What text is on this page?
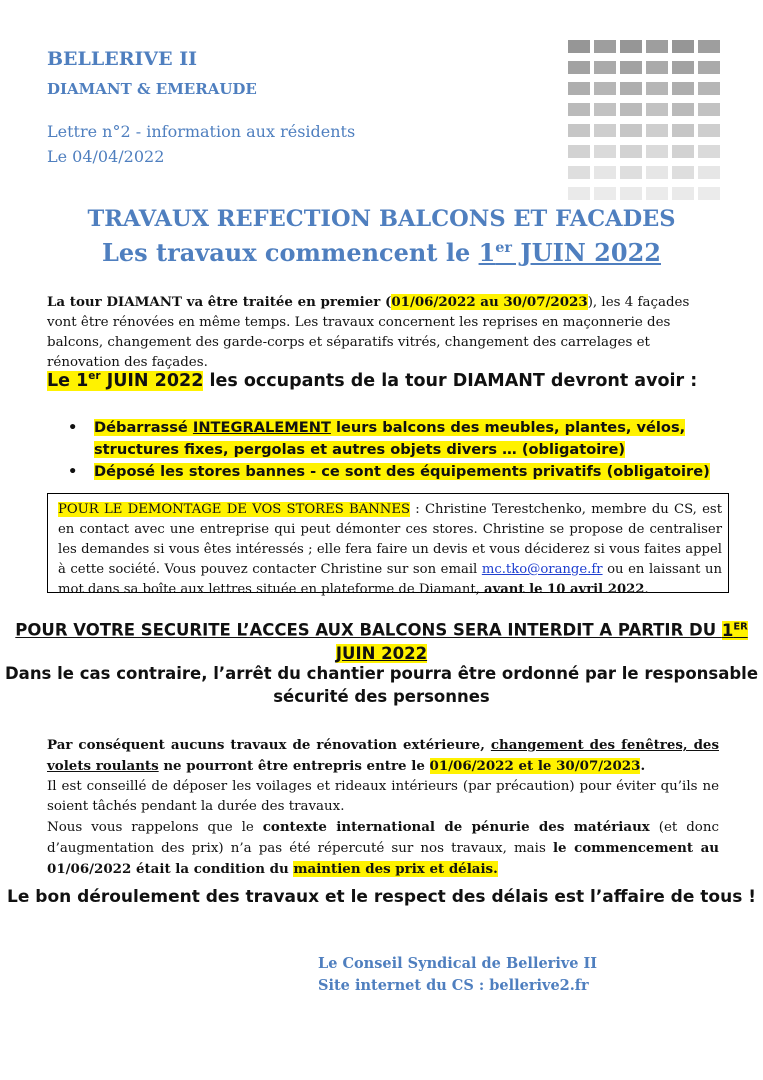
BELLERIVE II
DIAMANT & EMERAUDE
Lettre n°2 - information aux résidents
Le 04/04/2022
TRAVAUX REFECTION BALCONS ET FACADES
Les travaux commencent le 1er JUIN 2022
La tour DIAMANT va être traitée en premier (01/06/2022 au 30/07/2023), les 4 façades vont être rénovées en même temps. Les travaux concernent les reprises en maçonnerie des balcons, changement des garde-corps et séparatifs vitrés, changement des carrelages et rénovation des façades.
Le 1er JUIN 2022 les occupants de la tour DIAMANT devront avoir :
• Débarrassé INTEGRALEMENT leurs balcons des meubles, plantes, vélos, structures fixes, pergolas et autres objets divers … (obligatoire)
• Déposé les stores bannes - ce sont des équipements privatifs (obligatoire)
POUR LE DEMONTAGE DE VOS STORES BANNES : Christine Terestchenko, membre du CS, est en contact avec une entreprise qui peut démonter ces stores. Christine se propose de centraliser les demandes si vous êtes intéressés ; elle fera faire un devis et vous déciderez si vous faites appel à cette société. Vous pouvez contacter Christine sur son email mc.tko@orange.fr ou en laissant un mot dans sa boîte aux lettres située en plateforme de Diamant, avant le 10 avril 2022.
POUR VOTRE SECURITE L’ACCES AUX BALCONS SERA INTERDIT A PARTIR DU 1ER JUIN 2022
Dans le cas contraire, l’arrêt du chantier pourra être ordonné par le responsable sécurité des personnes
Par conséquent aucuns travaux de rénovation extérieure, changement des fenêtres, des volets roulants ne pourront être entrepris entre le 01/06/2022 et le 30/07/2023.
Il est conseillé de déposer les voilages et rideaux intérieurs (par précaution) pour éviter qu’ils ne soient tâchés pendant la durée des travaux.
Nous vous rappelons que le contexte international de pénurie des matériaux (et donc d’augmentation des prix) n’a pas été répercuté sur nos travaux, mais le commencement au 01/06/2022 était la condition du maintien des prix et délais.
Le bon déroulement des travaux et le respect des délais est l’affaire de tous !
Le Conseil Syndical de Bellerive II
Site internet du CS : bellerive2.fr
